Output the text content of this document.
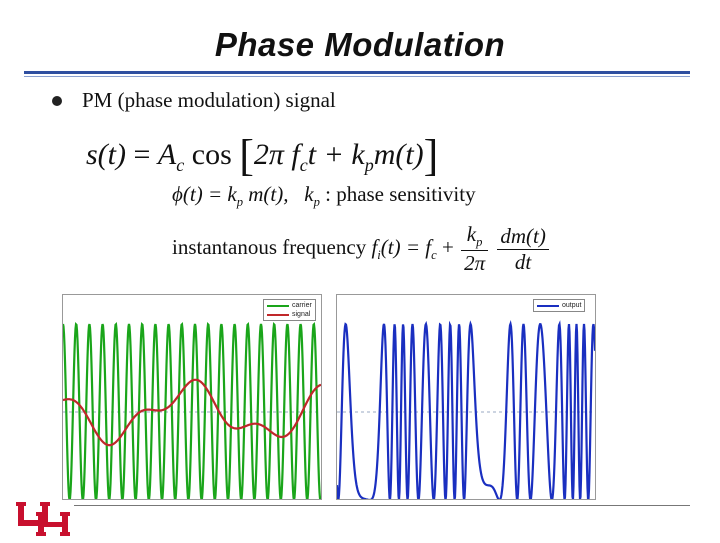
Phase Modulation
PM (phase modulation) signal
$s(t) = A_c$ cos [2π $f_ct + k_pm(t)$]
$\phi(t) = k_p$ m(t), $k_p$ : phase sensitivity
instantanous frequency $f_i(t) = f_c + \frac{k_p}{2\pi}$
$\frac{dm(t)}{dt}$
carrier
signal
output
